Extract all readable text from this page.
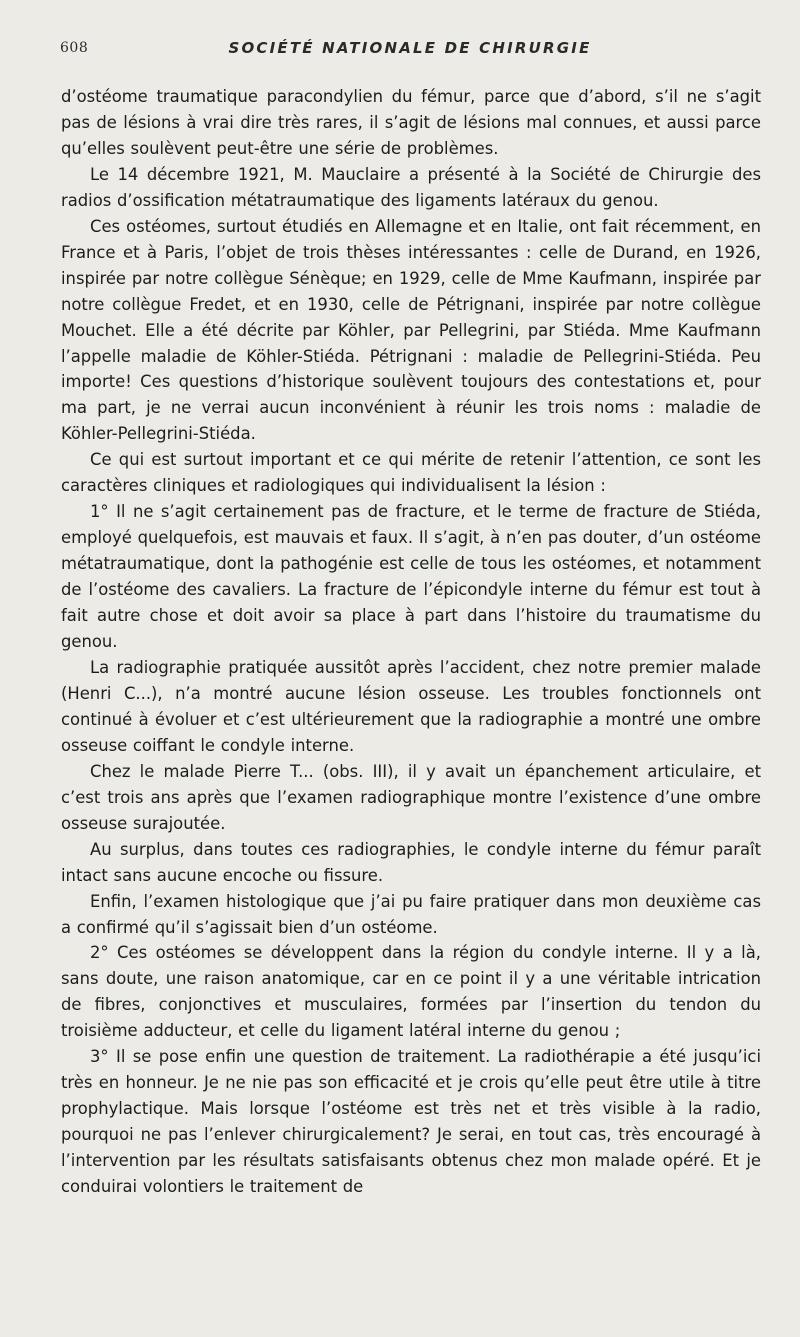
608	SOCIÉTÉ NATIONALE DE CHIRURGIE

d’ostéome traumatique paracondylien du fémur, parce que d’abord, s’il ne s’agit pas de lésions à vrai dire très rares, il s’agit de lésions mal connues, et aussi parce qu’elles soulèvent peut-être une série de problèmes.

Le 14 décembre 1921, M. Mauclaire a présenté à la Société de Chirurgie des radios d’ossification métatraumatique des ligaments latéraux du genou.

Ces ostéomes, surtout étudiés en Allemagne et en Italie, ont fait récemment, en France et à Paris, l’objet de trois thèses intéressantes : celle de Durand, en 1926, inspirée par notre collègue Sénèque; en 1929, celle de Mme Kaufmann, inspirée par notre collègue Fredet, et en 1930, celle de Pétrignani, inspirée par notre collègue Mouchet. Elle a été décrite par Köhler, par Pellegrini, par Stiéda. Mme Kaufmann l’appelle maladie de Köhler-Stiéda. Pétrignani : maladie de Pellegrini-Stiéda. Peu importe! Ces questions d’historique soulèvent toujours des contestations et, pour ma part, je ne verrai aucun inconvénient à réunir les trois noms : maladie de Köhler-Pellegrini-Stiéda.

Ce qui est surtout important et ce qui mérite de retenir l’attention, ce sont les caractères cliniques et radiologiques qui individualisent la lésion :

1° Il ne s’agit certainement pas de fracture, et le terme de fracture de Stiéda, employé quelquefois, est mauvais et faux. Il s’agit, à n’en pas douter, d’un ostéome métatraumatique, dont la pathogénie est celle de tous les ostéomes, et notamment de l’ostéome des cavaliers. La fracture de l’épicondyle interne du fémur est tout à fait autre chose et doit avoir sa place à part dans l’histoire du traumatisme du genou.

La radiographie pratiquée aussitôt après l’accident, chez notre premier malade (Henri C...), n’a montré aucune lésion osseuse. Les troubles fonctionnels ont continué à évoluer et c’est ultérieurement que la radiographie a montré une ombre osseuse coiffant le condyle interne.

Chez le malade Pierre T... (obs. III), il y avait un épanchement articulaire, et c’est trois ans après que l’examen radiographique montre l’existence d’une ombre osseuse surajoutée.

Au surplus, dans toutes ces radiographies, le condyle interne du fémur paraît intact sans aucune encoche ou fissure.

Enfin, l’examen histologique que j’ai pu faire pratiquer dans mon deuxième cas a confirmé qu’il s’agissait bien d’un ostéome.

2° Ces ostéomes se développent dans la région du condyle interne. Il y a là, sans doute, une raison anatomique, car en ce point il y a une véritable intrication de fibres, conjonctives et musculaires, formées par l’insertion du tendon du troisième adducteur, et celle du ligament latéral interne du genou ;

3° Il se pose enfin une question de traitement. La radiothérapie a été jusqu’ici très en honneur. Je ne nie pas son efficacité et je crois qu’elle peut être utile à titre prophylactique. Mais lorsque l’ostéome est très net et très visible à la radio, pourquoi ne pas l’enlever chirurgicalement? Je serai, en tout cas, très encouragé à l’intervention par les résultats satisfaisants obtenus chez mon malade opéré. Et je conduirai volontiers le traitement de
